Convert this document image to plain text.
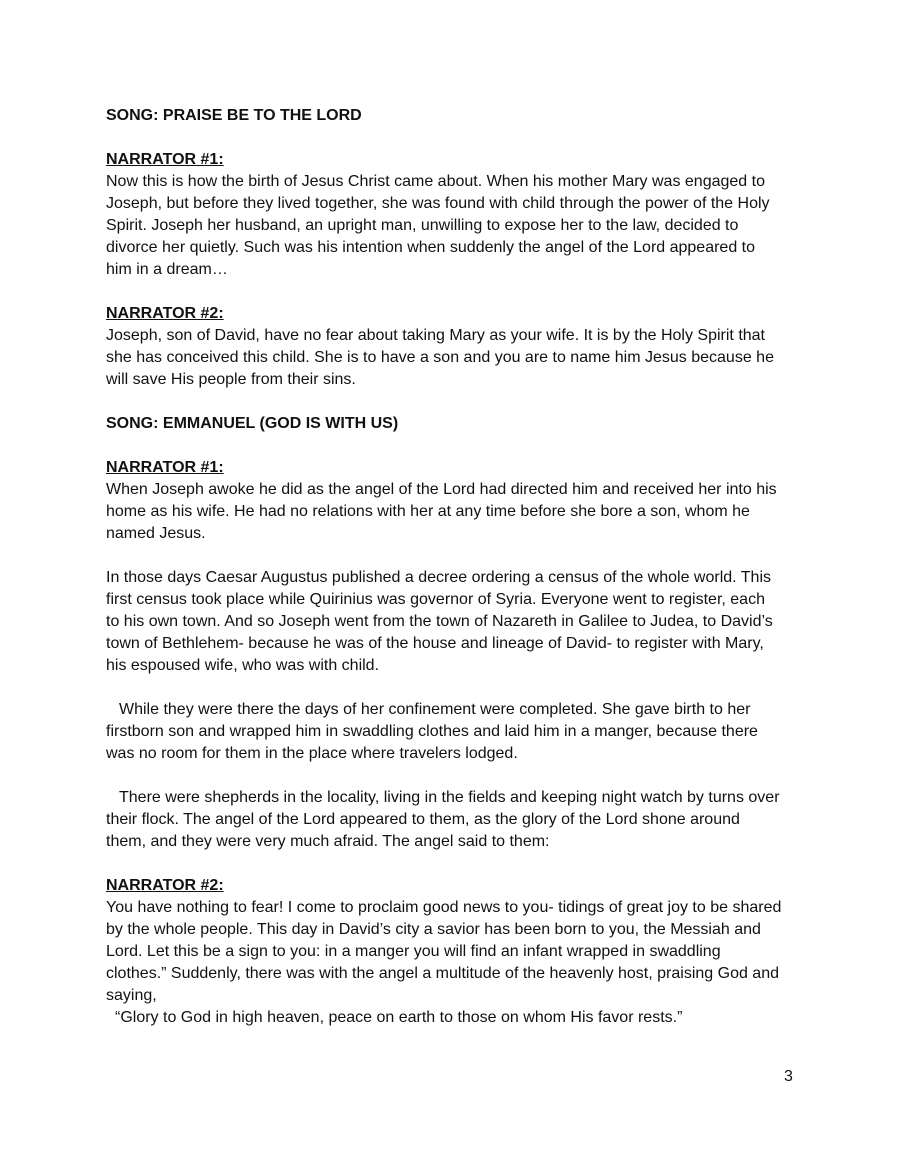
SONG: PRAISE BE TO THE LORD

NARRATOR #1:

Now this is how the birth of Jesus Christ came about. When his mother Mary was engaged to
Joseph, but before they lived together, she was found with child through the power of the Holy
Spirit. Joseph her husband, an upright man, unwilling to expose her to the law, decided to
divorce her quietly. Such was his intention when suddenly the angel of the Lord appeared to
him in a dream…

NARRATOR #2:

Joseph, son of David, have no fear about taking Mary as your wife. It is by the Holy Spirit that
she has conceived this child. She is to have a son and you are to name him Jesus because he
will save His people from their sins.

SONG: EMMANUEL (GOD IS WITH US)

NARRATOR #1:

When Joseph awoke he did as the angel of the Lord had directed him and received her into his
home as his wife. He had no relations with her at any time before she bore a son, whom he
named Jesus.

In those days Caesar Augustus published a decree ordering a census of the whole world. This
first census took place while Quirinius was governor of Syria. Everyone went to register, each
to his own town. And so Joseph went from the town of Nazareth in Galilee to Judea, to David’s
town of Bethlehem- because he was of the house and lineage of David- to register with Mary,
his espoused wife, who was with child.

While they were there the days of her confinement were completed. She gave birth to her
firstborn son and wrapped him in swaddling clothes and laid him in a manger, because there
was no room for them in the place where travelers lodged.

There were shepherds in the locality, living in the fields and keeping night watch by turns over
their flock. The angel of the Lord appeared to them, as the glory of the Lord shone around
them, and they were very much afraid. The angel said to them:

NARRATOR #2:

You have nothing to fear! I come to proclaim good news to you- tidings of great joy to be shared
by the whole people. This day in David’s city a savior has been born to you, the Messiah and
Lord. Let this be a sign to you: in a manger you will find an infant wrapped in swaddling
clothes.” Suddenly, there was with the angel a multitude of the heavenly host, praising God and
saying,

“Glory to God in high heaven, peace on earth to those on whom His favor rests.”

3
